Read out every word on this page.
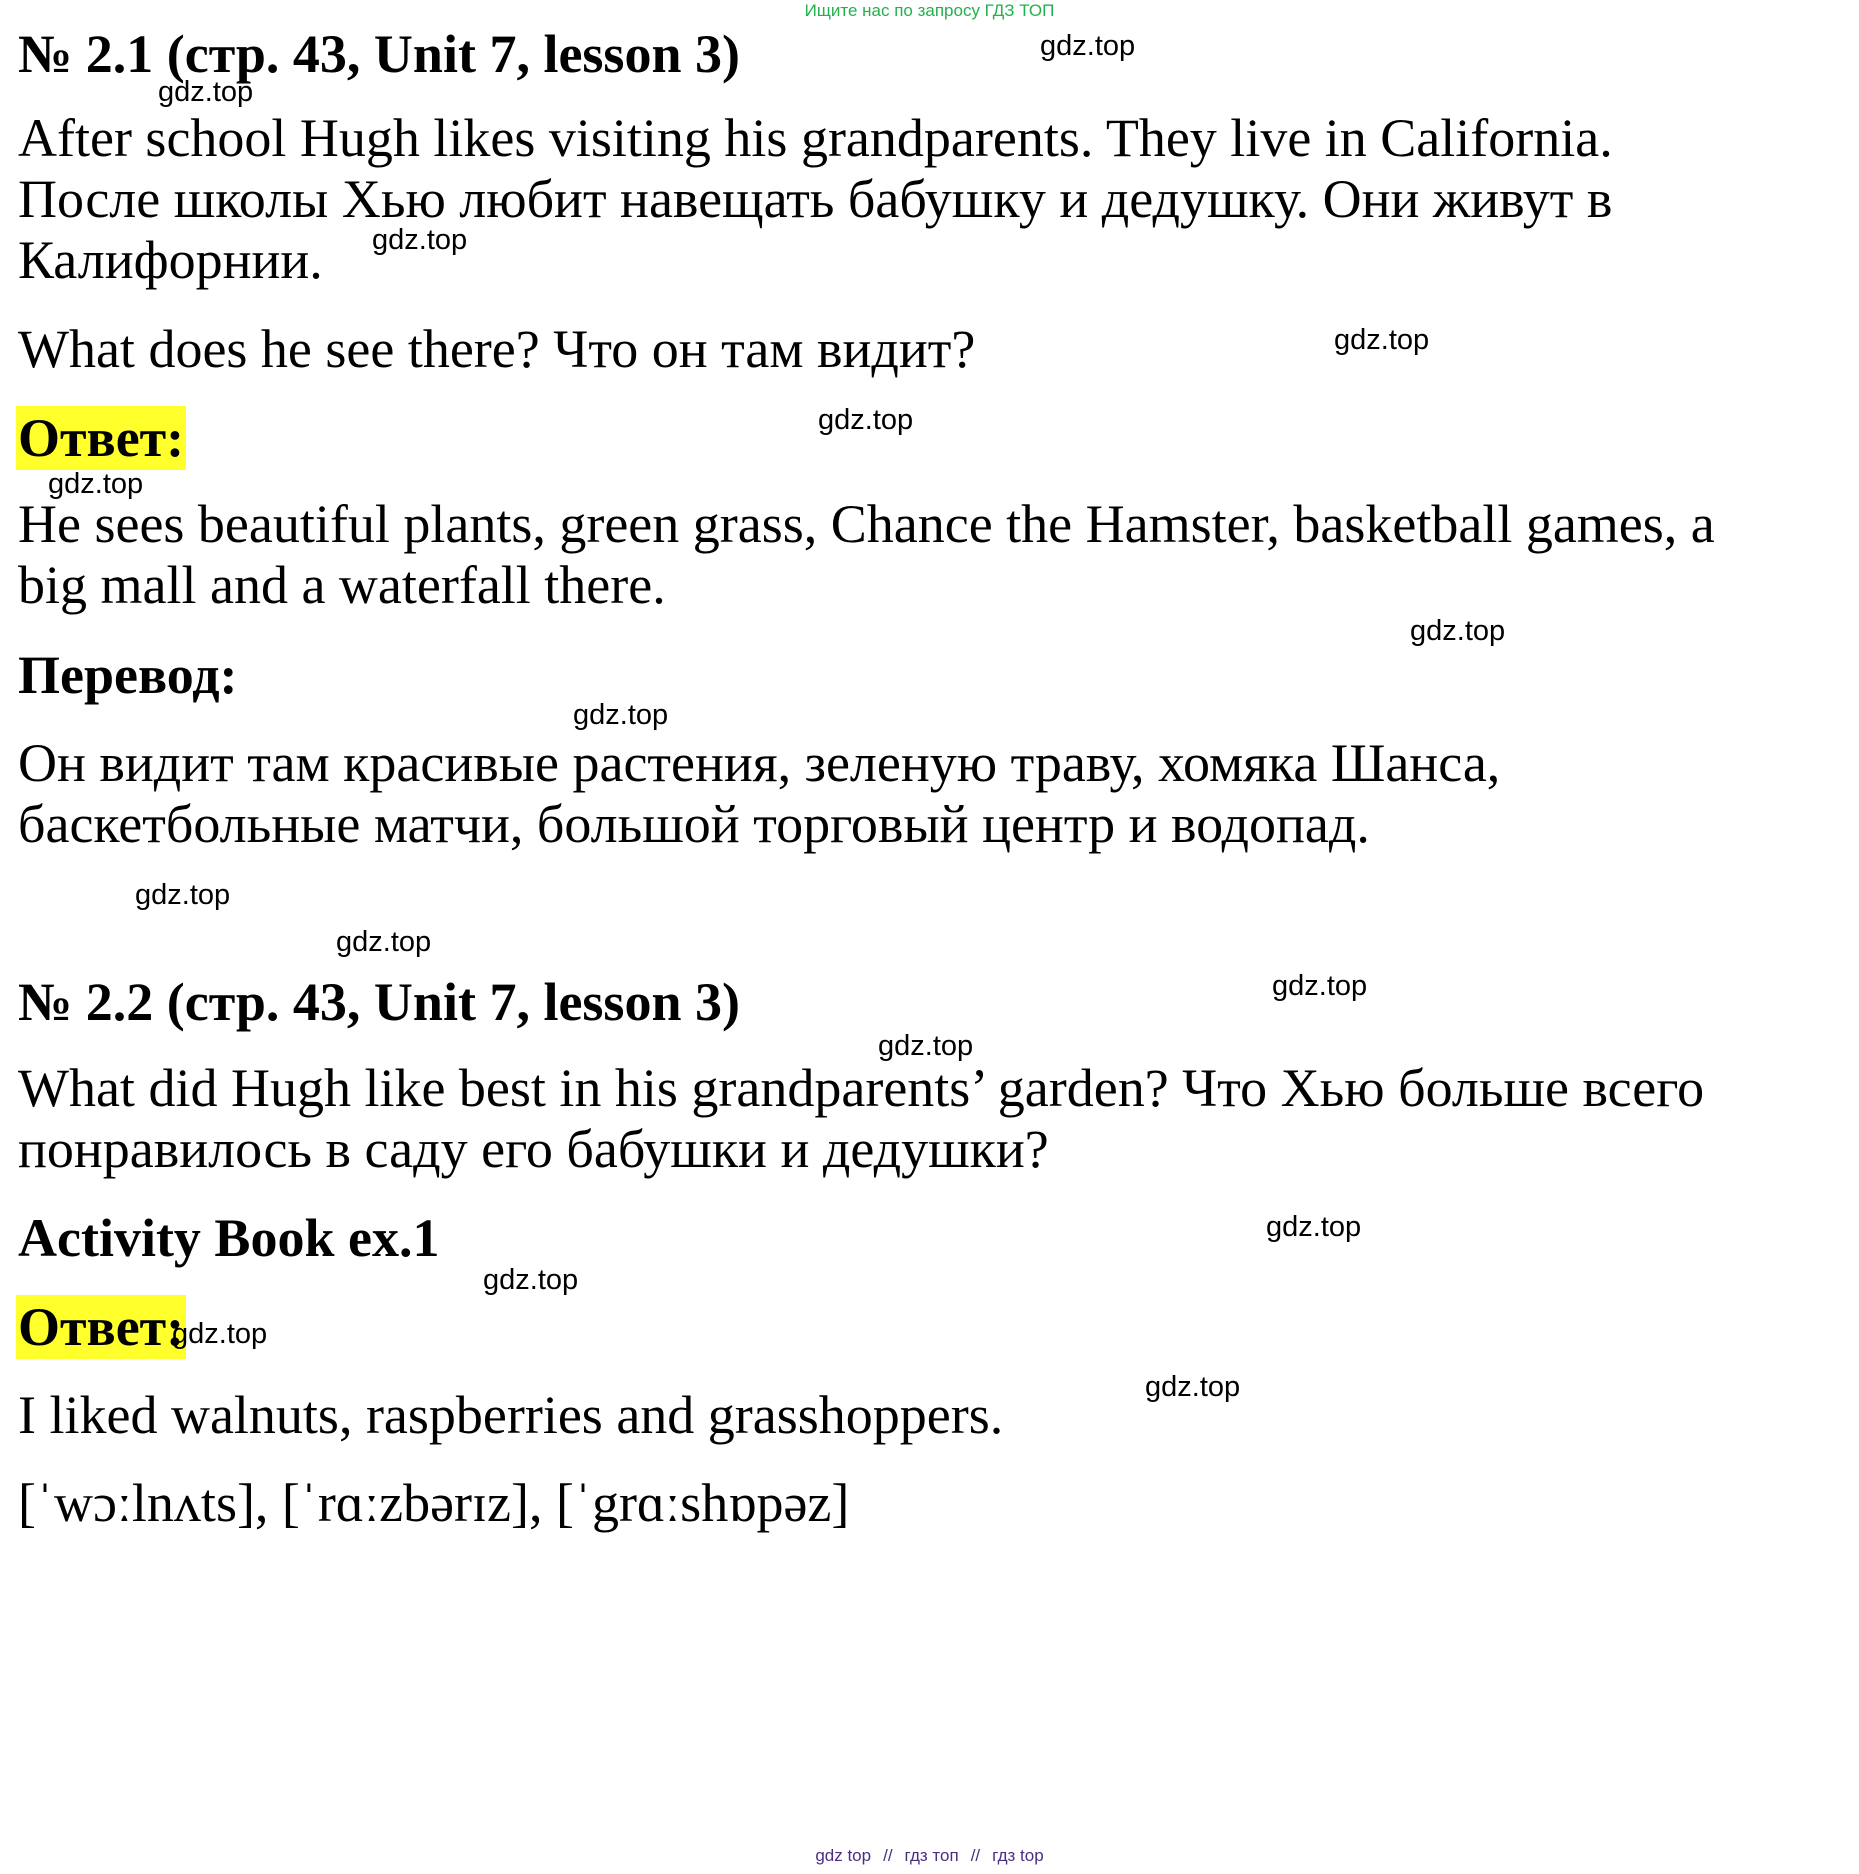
Ищите нас по запросу ГДЗ ТОП
№ 2.1 (стр. 43, Unit 7, lesson 3)
After school Hugh likes visiting his grandparents. They live in California.
После школы Хью любит навещать бабушку и дедушку. Они живут в
Калифорнии.
What does he see there? Что он там видит?
Ответ:
He sees beautiful plants, green grass, Chance the Hamster, basketball games, a
big mall and a waterfall there.
Перевод:
Он видит там красивые растения, зеленую траву, хомяка Шанса,
баскетбольные матчи, большой торговый центр и водопад.
№ 2.2 (стр. 43, Unit 7, lesson 3)
What did Hugh like best in his grandparents’ garden? Что Хью больше всего
понравилось в саду его бабушки и дедушки?
Activity Book ex.1
Ответ:
I liked walnuts, raspberries and grasshoppers.
[ˈwɔːlnʌts], [ˈrɑːzbərɪz], [ˈgrɑːshɒpəz]
gdz.top
gdz.top
gdz.top
gdz.top
gdz.top
gdz.top
gdz.top
gdz.top
gdz.top
gdz.top
gdz.top
gdz.top
gdz.top
gdz.top
gdz.top
gdz.top
gdz top // гдз топ // гдз top
